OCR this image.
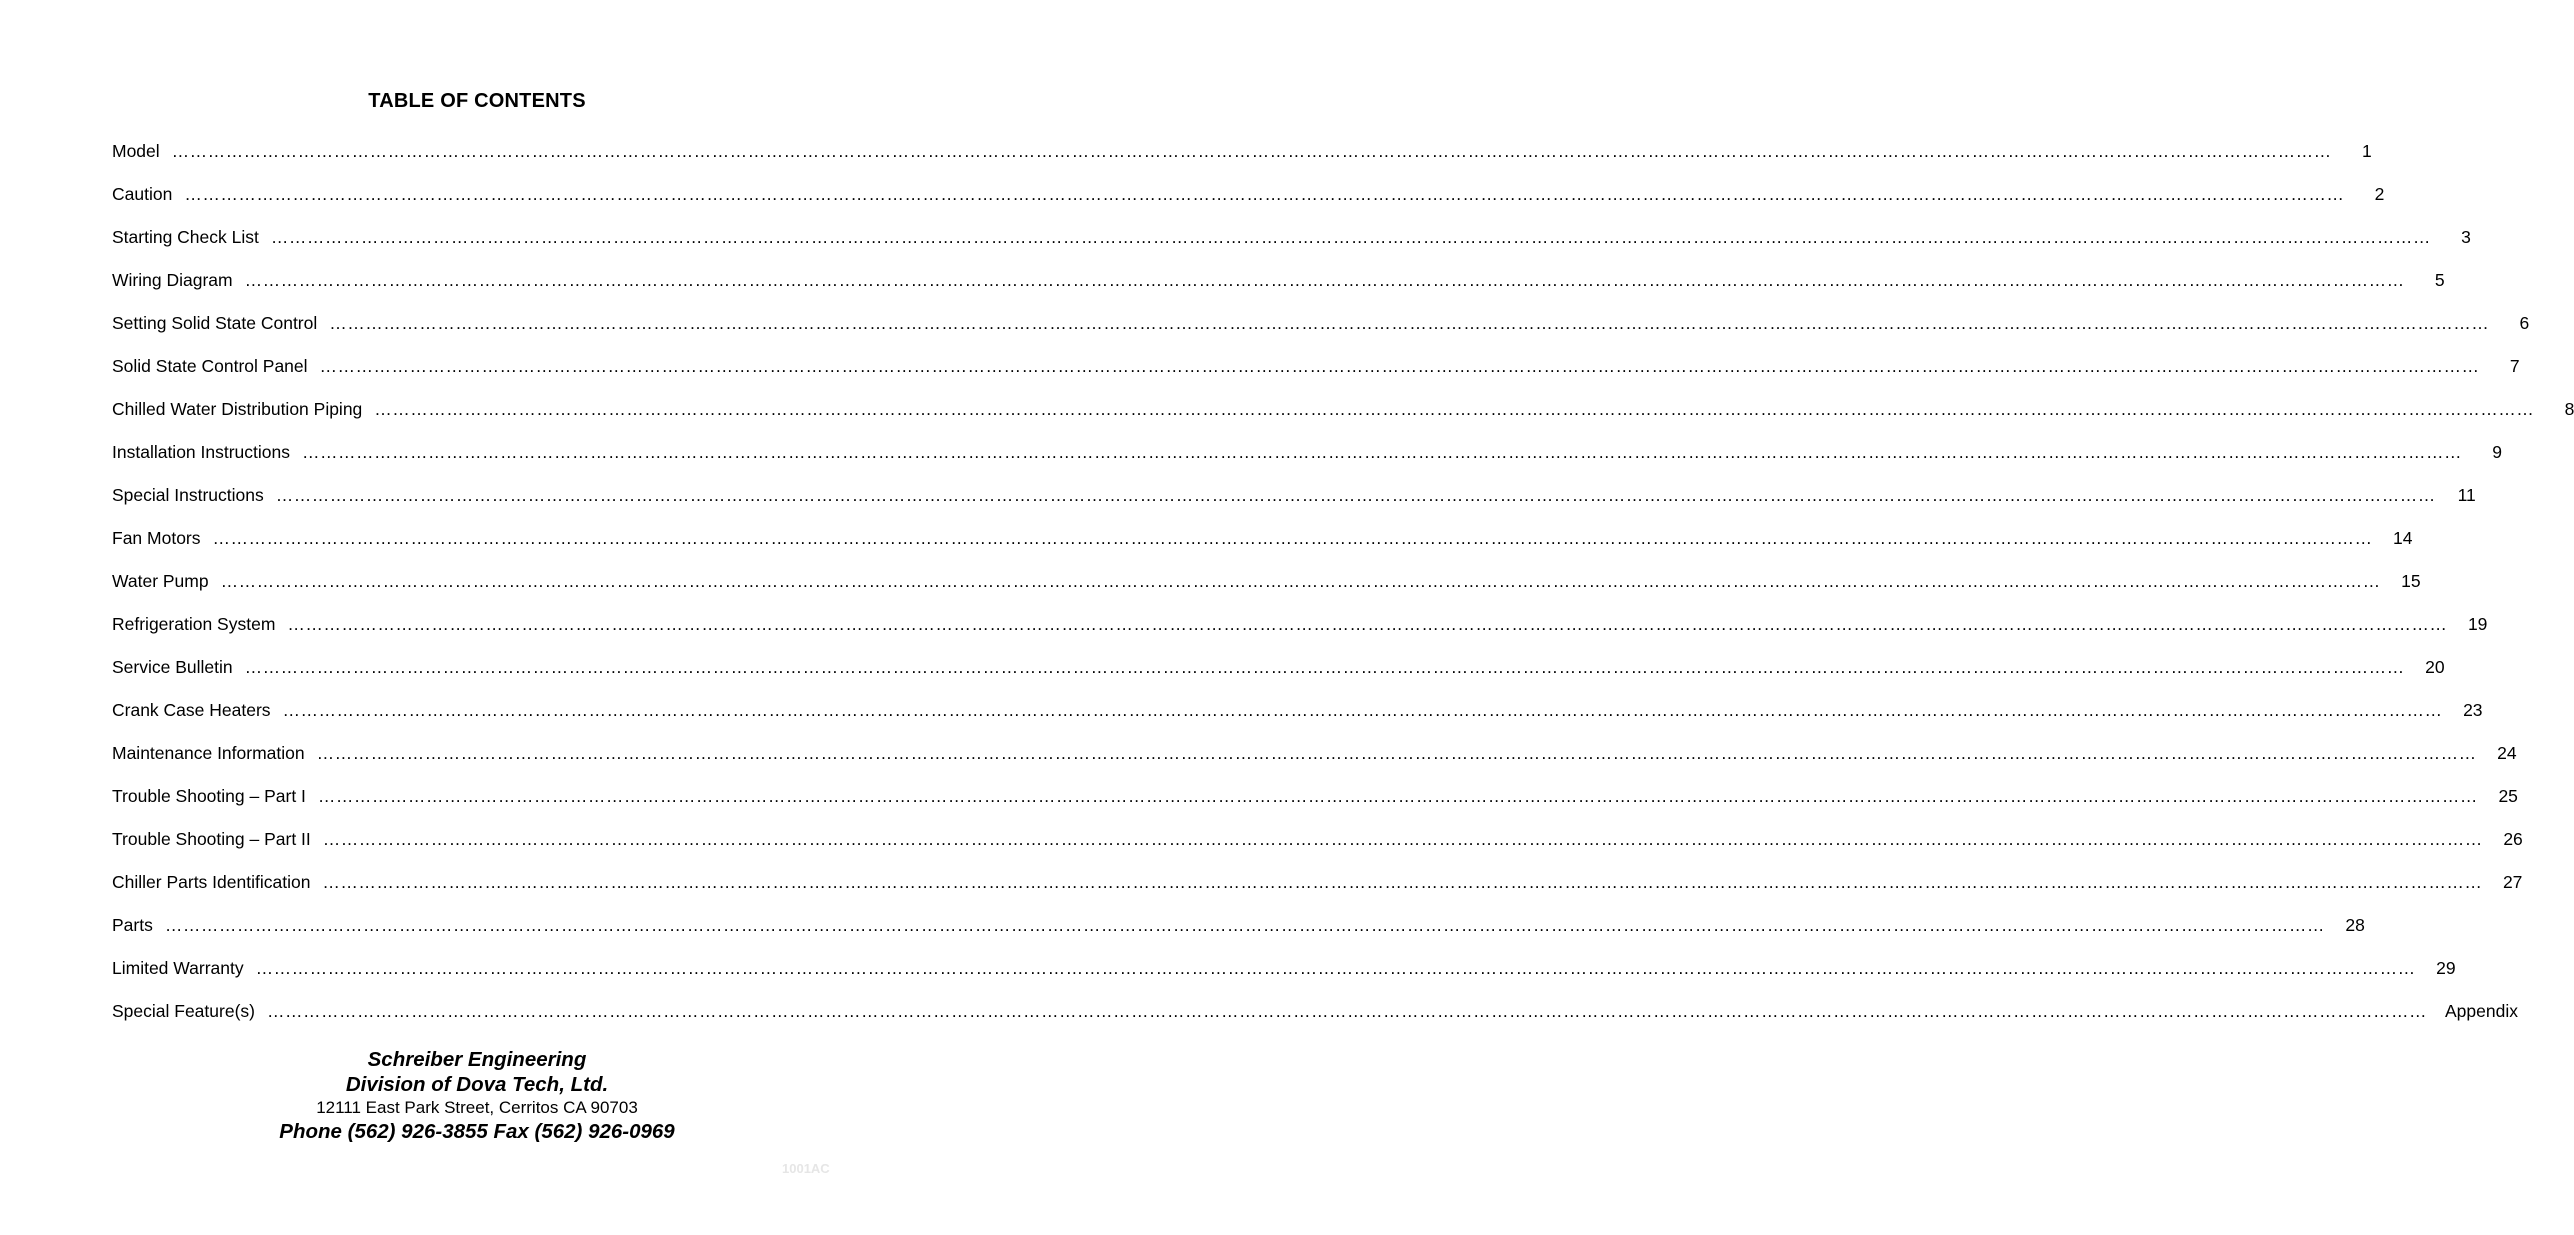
TABLE OF CONTENTS
Model ………………………………………………………………………………………………………………………………………………………………………………………………………………………………………………………………………………………………………………………………	1
Caution ………………………………………………………………………………………………………………………………………………………………………………………………………………………………………………………………………………………………………………………………	2
Starting Check List ………………………………………………………………………………………………………………………………………………………………………………………………………………………………………………………………………………………………………………………………	3
Wiring Diagram ………………………………………………………………………………………………………………………………………………………………………………………………………………………………………………………………………………………………………………………………	5
Setting Solid State Control ………………………………………………………………………………………………………………………………………………………………………………………………………………………………………………………………………………………………………………………………	6
Solid State Control Panel ………………………………………………………………………………………………………………………………………………………………………………………………………………………………………………………………………………………………………………………………	7
Chilled Water Distribution Piping ………………………………………………………………………………………………………………………………………………………………………………………………………………………………………………………………………………………………………………………………	8
Installation Instructions ………………………………………………………………………………………………………………………………………………………………………………………………………………………………………………………………………………………………………………………………	9
Special Instructions ……………………………………………………………………………………………………………………………………………………………………………………………………………………………………………………………………………………………………………………………… 11
Fan Motors ……………………………………………………………………………………………………………………………………………………………………………………………………………………………………………………………………………………………………………………………… 14
Water Pump ……………………………………………………………………………………………………………………………………………………………………………………………………………………………………………………………………………………………………………………………… 15
Refrigeration System ……………………………………………………………………………………………………………………………………………………………………………………………………………………………………………………………………………………………………………………………… 19
Service Bulletin ……………………………………………………………………………………………………………………………………………………………………………………………………………………………………………………………………………………………………………………………… 20
Crank Case Heaters ……………………………………………………………………………………………………………………………………………………………………………………………………………………………………………………………………………………………………………………………… 23
Maintenance Information ……………………………………………………………………………………………………………………………………………………………………………………………………………………………………………………………………………………………………………………………… 24
Trouble Shooting – Part I ……………………………………………………………………………………………………………………………………………………………………………………………………………………………………………………………………………………………………………………………… 25
Trouble Shooting – Part II ……………………………………………………………………………………………………………………………………………………………………………………………………………………………………………………………………………………………………………………………… 26
Chiller Parts Identification ……………………………………………………………………………………………………………………………………………………………………………………………………………………………………………………………………………………………………………………………… 27
Parts ……………………………………………………………………………………………………………………………………………………………………………………………………………………………………………………………………………………………………………………………… 28
Limited Warranty ……………………………………………………………………………………………………………………………………………………………………………………………………………………………………………………………………………………………………………………………… 29
Special Feature(s) ……………………………………………………………………………………………………………………………………………………………………………………………………………………………………………………………………………………………………………………………… Appendix
Schreiber Engineering
Division of Dova Tech, Ltd.
12111 East Park Street, Cerritos CA 90703
Phone (562) 926-3855 Fax (562) 926-0969
1001AC
